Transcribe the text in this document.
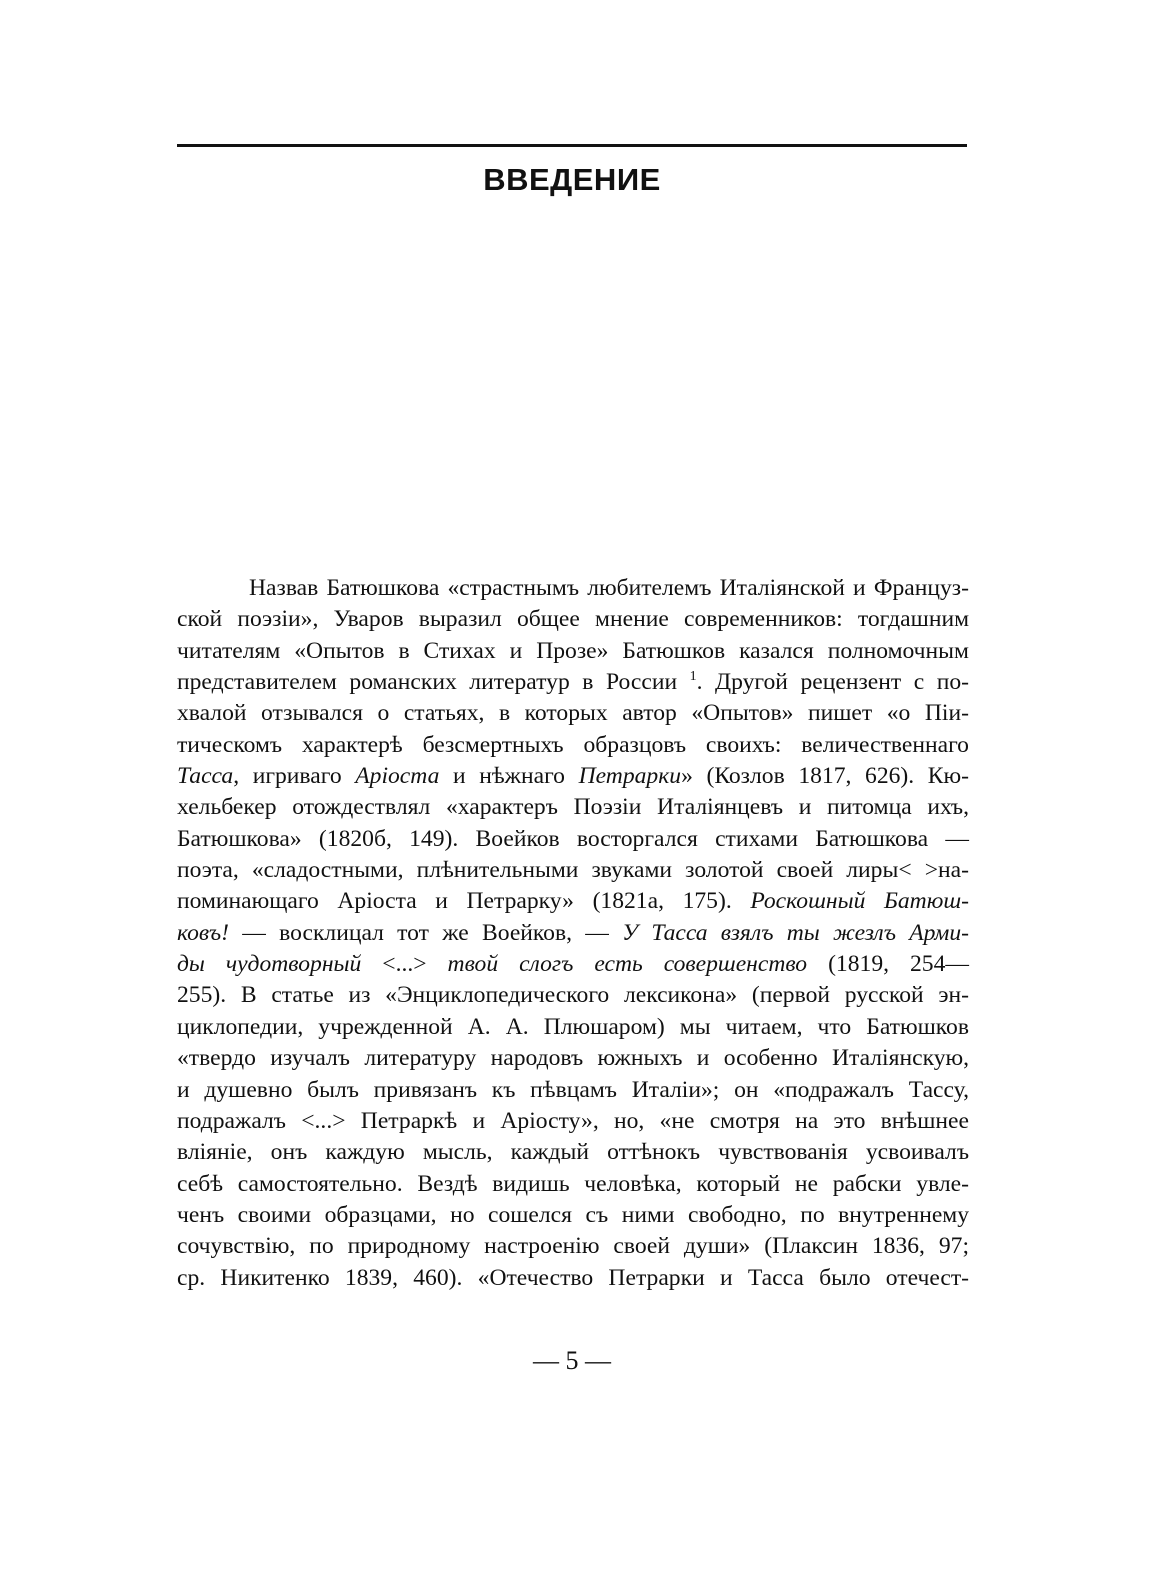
ВВЕДЕНИЕ
Назвав Батюшкова «страстнымъ любителемъ Италіянской и Француз-
ской поэзіи», Уваров выразил общее мнение современников: тогдашним
читателям «Опытов в Стихах и Прозе» Батюшков казался полномочным
представителем романских литератур в России $^1$. Другой рецензент с по-
хвалой отзывался о статьях, в которых автор «Опытов» пишет «о Піи-
тическомъ характерѣ безсмертныхъ образцовъ своихъ: величественнаго
Тасса, игриваго Аріоста и нѣжнаго Петрарки» (Козлов 1817, 626). Кю-
хельбекер отождествлял «характеръ Поэзіи Италіянцевъ и питомца ихъ,
Батюшкова» (1820б, 149). Воейков восторгался стихами Батюшкова —
поэта, «сладостными, плѣнительными звуками золотой своей лиры< >на-
поминающаго Аріоста и Петрарку» (1821а, 175). Роскошный Батюш-
ковъ! — восклицал тот же Воейков, — У Тасса взялъ ты жезлъ Арми-
ды чудотворный <...> твой слогъ есть совершенство (1819, 254—
255). В статье из «Энциклопедического лексикона» (первой русской эн-
циклопедии, учрежденной А. А. Плюшаром) мы читаем, что Батюшков
«твердо изучалъ литературу народовъ южныхъ и особенно Италіянскую,
и душевно былъ привязанъ къ пѣвцамъ Италіи»; он «подражалъ Тассу,
подражалъ <...> Петраркѣ и Аріосту», но, «не смотря на это внѣшнее
вліяніе, онъ каждую мысль, каждый оттѣнокъ чувствованія усвоивалъ
себѣ самостоятельно. Вездѣ видишь человѣка, который не рабски увле-
ченъ своими образцами, но сошелся съ ними свободно, по внутреннему
сочувствію, по природному настроенію своей души» (Плаксин 1836, 97;
ср. Никитенко 1839, 460). «Отечество Петрарки и Тасса было отечест-
— 5 —
